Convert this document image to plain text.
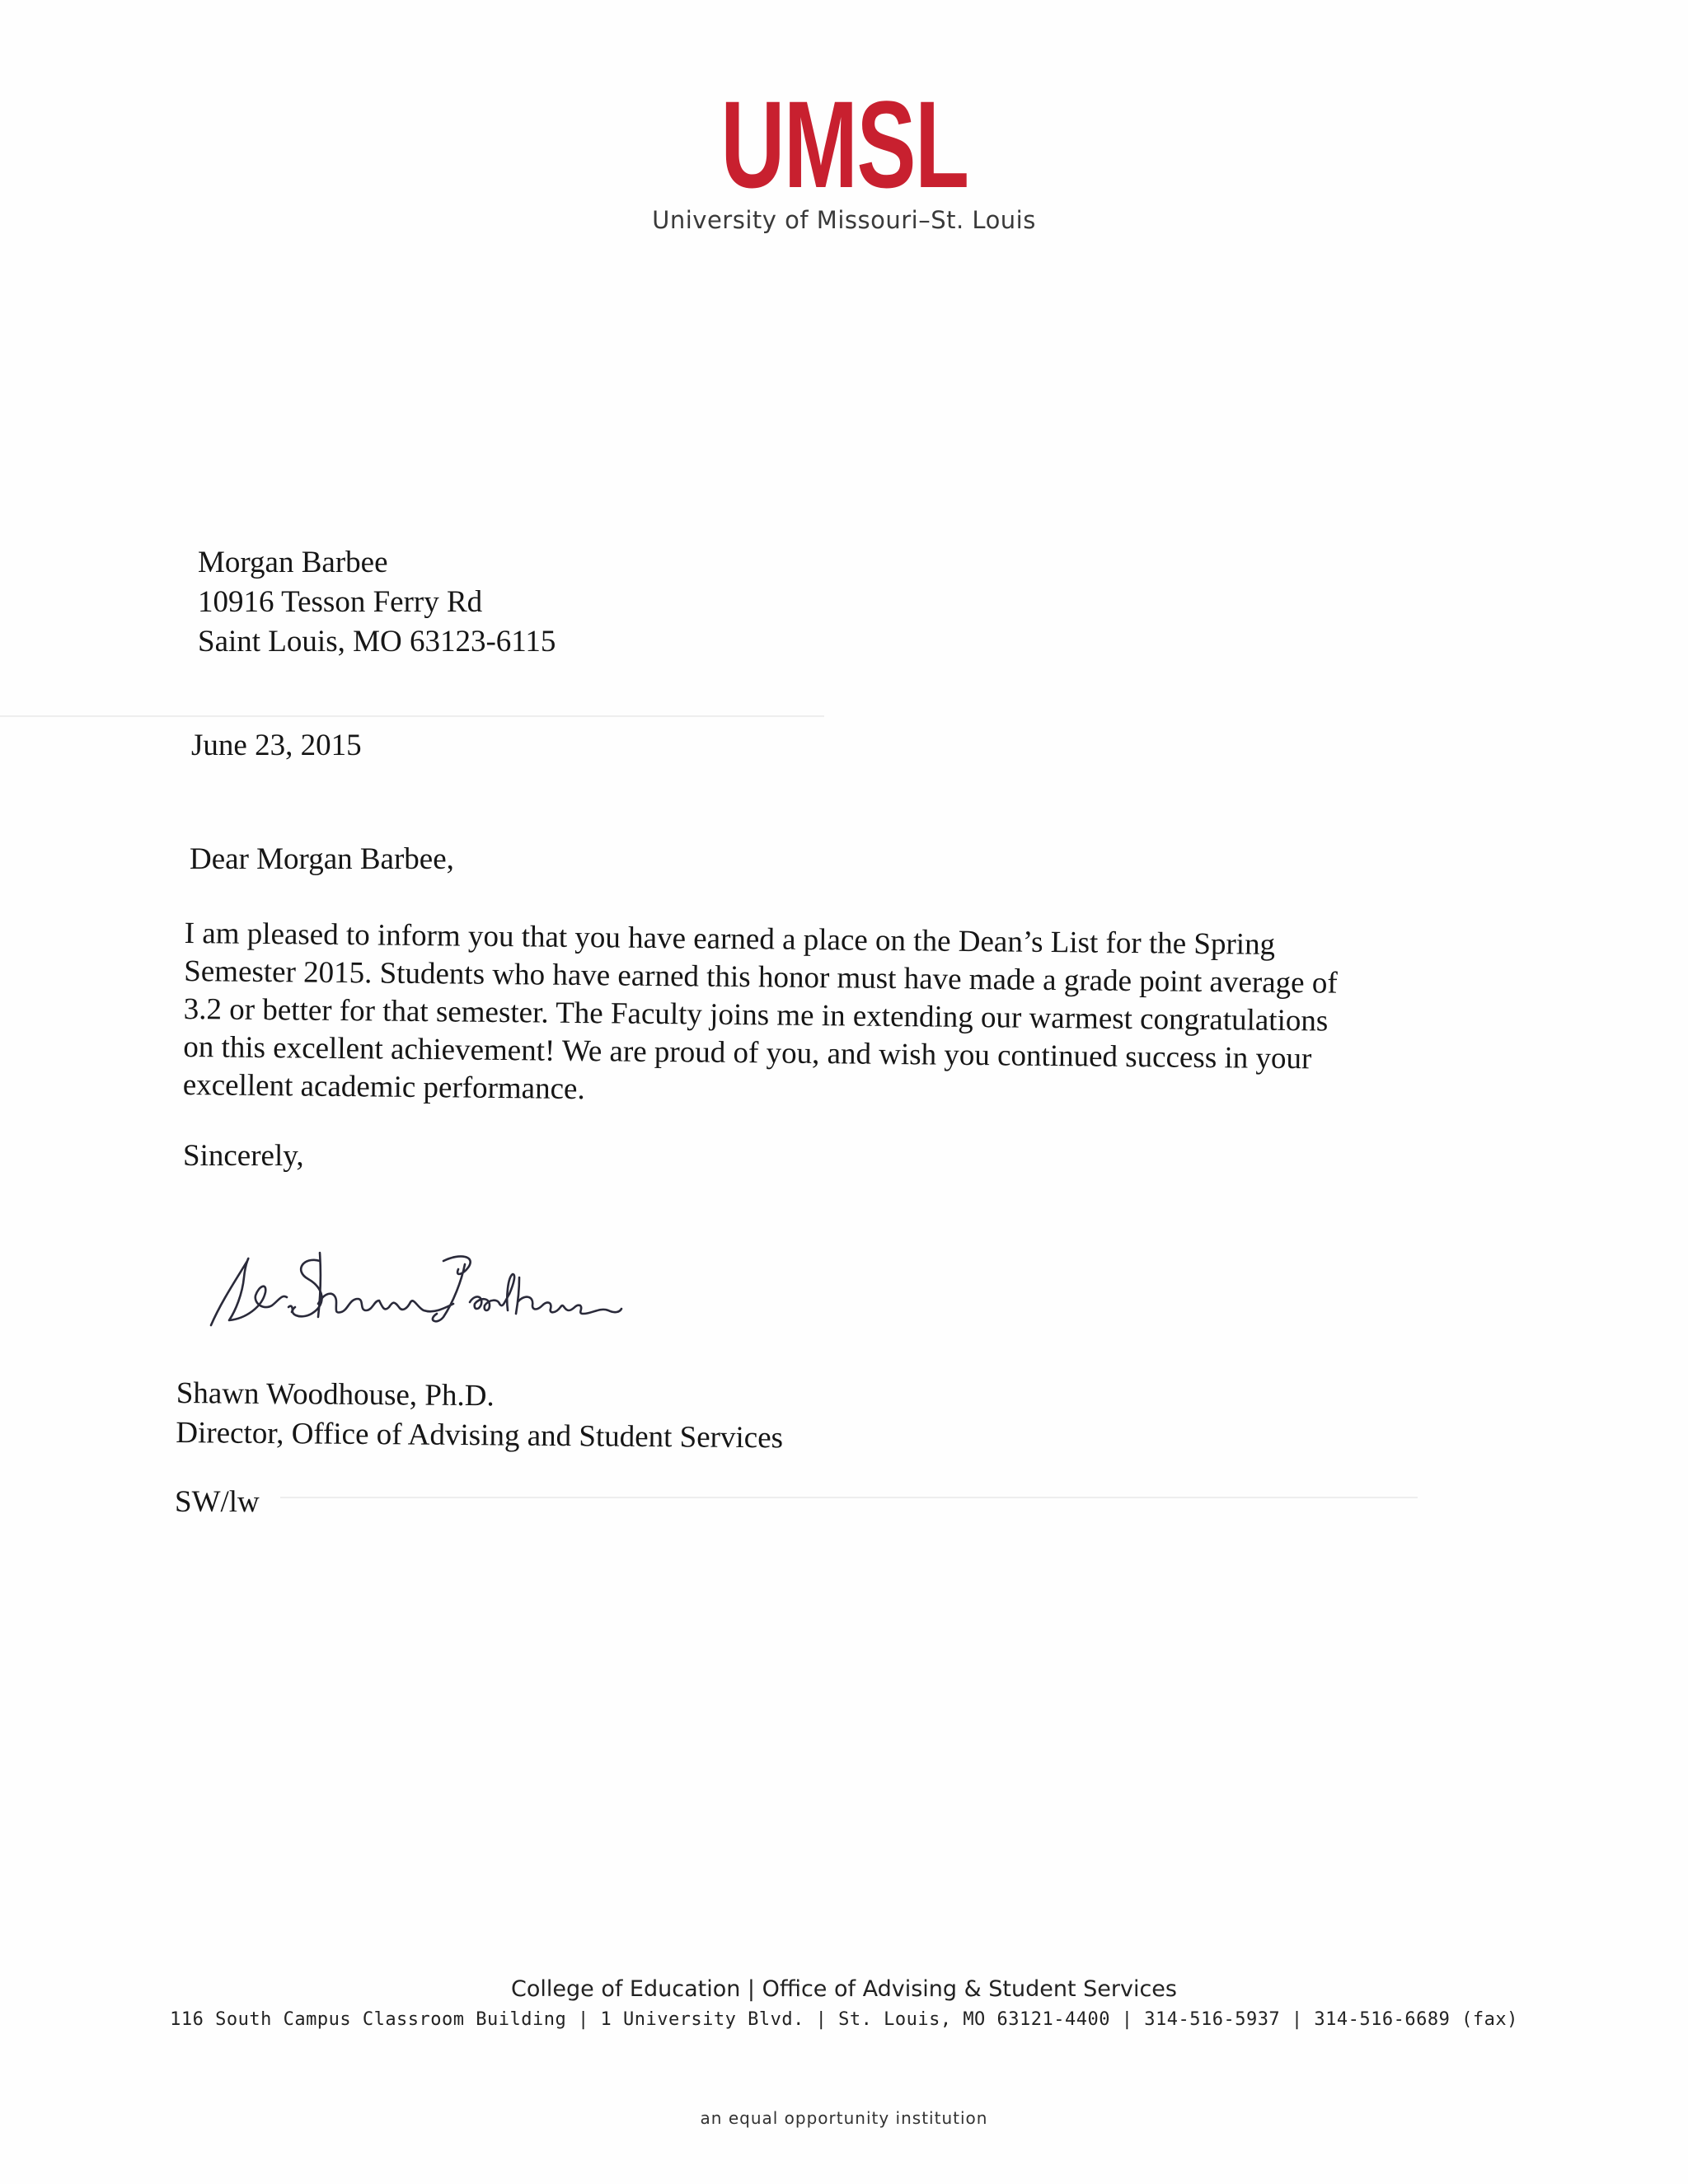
UMSL
University of Missouri–St. Louis
Morgan Barbee
10916 Tesson Ferry Rd
Saint Louis, MO 63123-6115
June 23, 2015
Dear Morgan Barbee,
I am pleased to inform you that you have earned a place on the Dean’s List for the Spring
Semester 2015. Students who have earned this honor must have made a grade point average of
3.2 or better for that semester. The Faculty joins me in extending our warmest congratulations
on this excellent achievement! We are proud of you, and wish you continued success in your
excellent academic performance.
Sincerely,
Shawn Woodhouse, Ph.D.
Director, Office of Advising and Student Services
SW/lw
College of Education | Office of Advising & Student Services
116 South Campus Classroom Building | 1 University Blvd. | St. Louis, MO 63121-4400 | 314-516-5937 | 314-516-6689 (fax)
an equal opportunity institution
